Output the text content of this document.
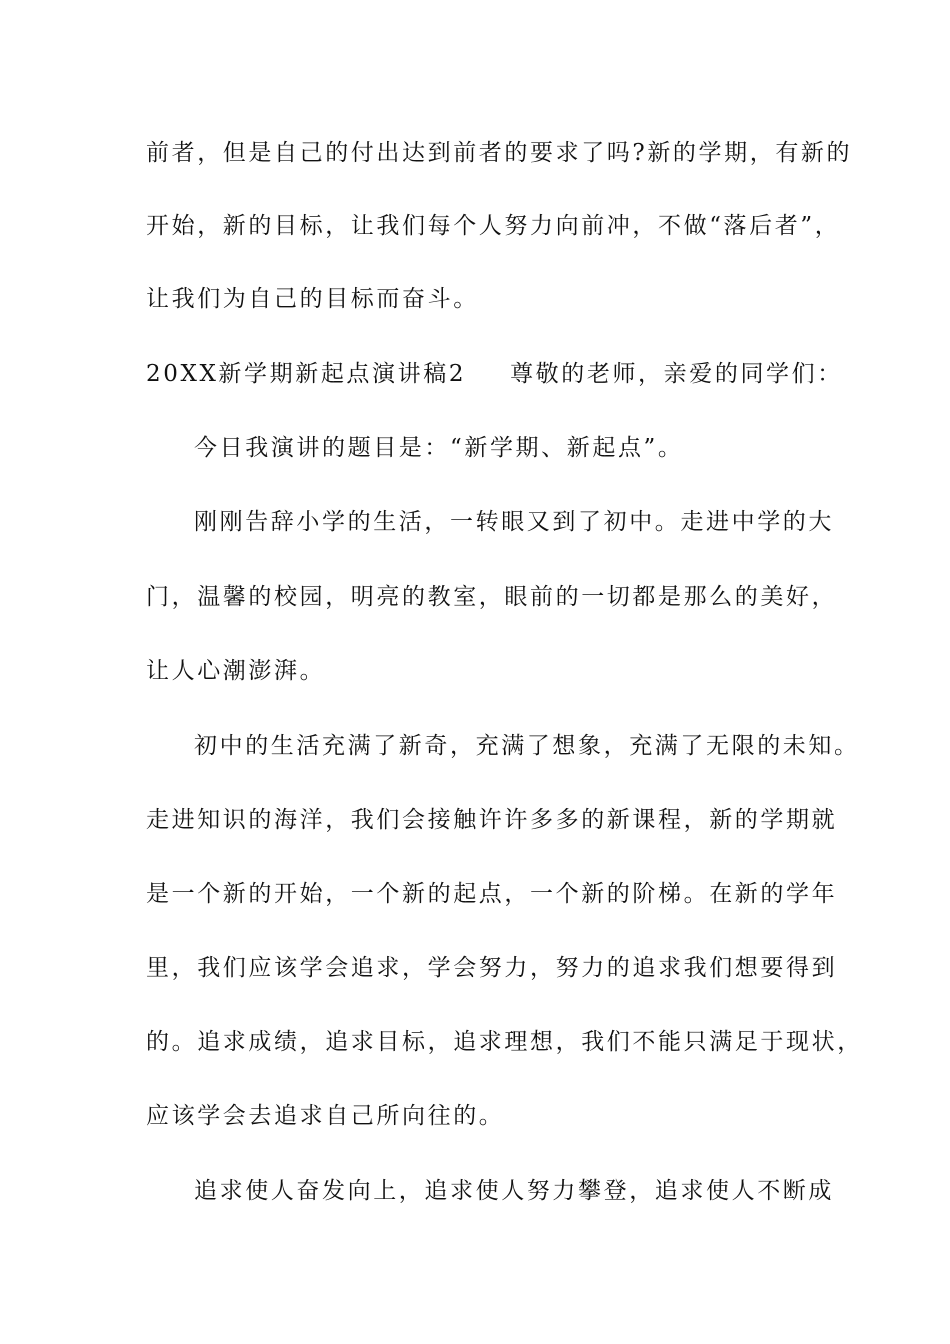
前者，但是自己的付出达到前者的要求了吗?新的学期，有新的
开始，新的目标，让我们每个人努力向前冲，不做“落后者”，
让我们为自己的目标而奋斗。
20XX新学期新起点演讲稿2 尊敬的老师，亲爱的同学们：
今日我演讲的题目是：“新学期、新起点”。
刚刚告辞小学的生活，一转眼又到了初中。走进中学的大
门，温馨的校园，明亮的教室，眼前的一切都是那么的美好，
让人心潮澎湃。
初中的生活充满了新奇，充满了想象，充满了无限的未知。
走进知识的海洋，我们会接触许许多多的新课程，新的学期就
是一个新的开始，一个新的起点，一个新的阶梯。在新的学年
里，我们应该学会追求，学会努力，努力的追求我们想要得到
的。追求成绩，追求目标，追求理想，我们不能只满足于现状，
应该学会去追求自己所向往的。
追求使人奋发向上，追求使人努力攀登，追求使人不断成
